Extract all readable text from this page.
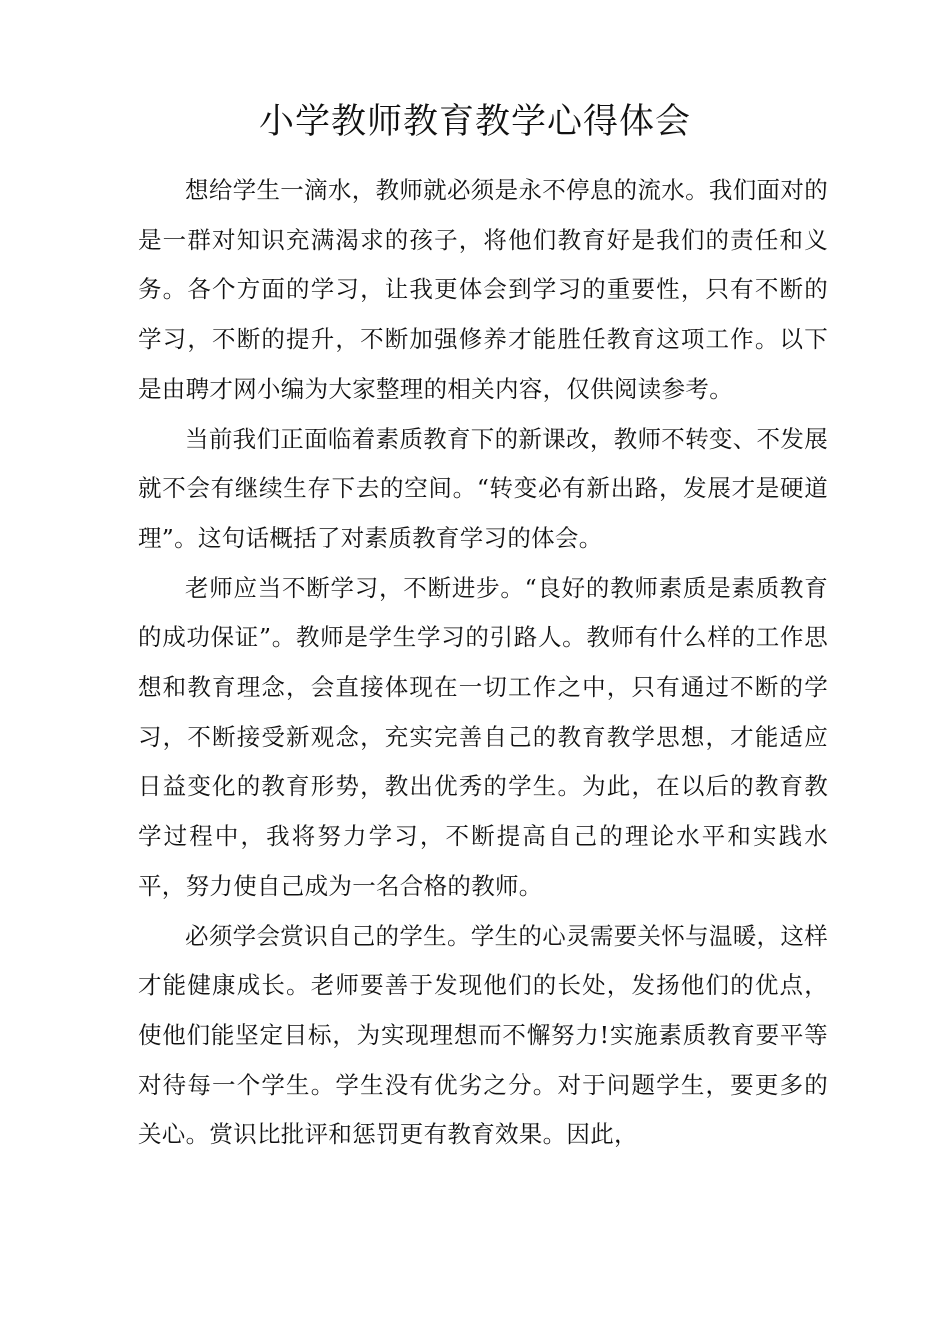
小学教师教育教学心得体会

想给学生一滴水，教师就必须是永不停息的流水。我们面对的是一群对知识充满渴求的孩子，将他们教育好是我们的责任和义务。各个方面的学习，让我更体会到学习的重要性，只有不断的学习，不断的提升，不断加强修养才能胜任教育这项工作。以下是由聘才网小编为大家整理的相关内容，仅供阅读参考。

当前我们正面临着素质教育下的新课改，教师不转变、不发展就不会有继续生存下去的空间。“转变必有新出路，发展才是硬道理”。这句话概括了对素质教育学习的体会。

老师应当不断学习，不断进步。“良好的教师素质是素质教育的成功保证”。教师是学生学习的引路人。教师有什么样的工作思想和教育理念，会直接体现在一切工作之中，只有通过不断的学习，不断接受新观念，充实完善自己的教育教学思想，才能适应日益变化的教育形势，教出优秀的学生。为此，在以后的教育教学过程中，我将努力学习，不断提高自己的理论水平和实践水平，努力使自己成为一名合格的教师。

必须学会赏识自己的学生。学生的心灵需要关怀与温暖，这样才能健康成长。老师要善于发现他们的长处，发扬他们的优点，使他们能坚定目标，为实现理想而不懈努力!实施素质教育要平等对待每一个学生。学生没有优劣之分。对于问题学生，要更多的关心。赏识比批评和惩罚更有教育效果。因此，
